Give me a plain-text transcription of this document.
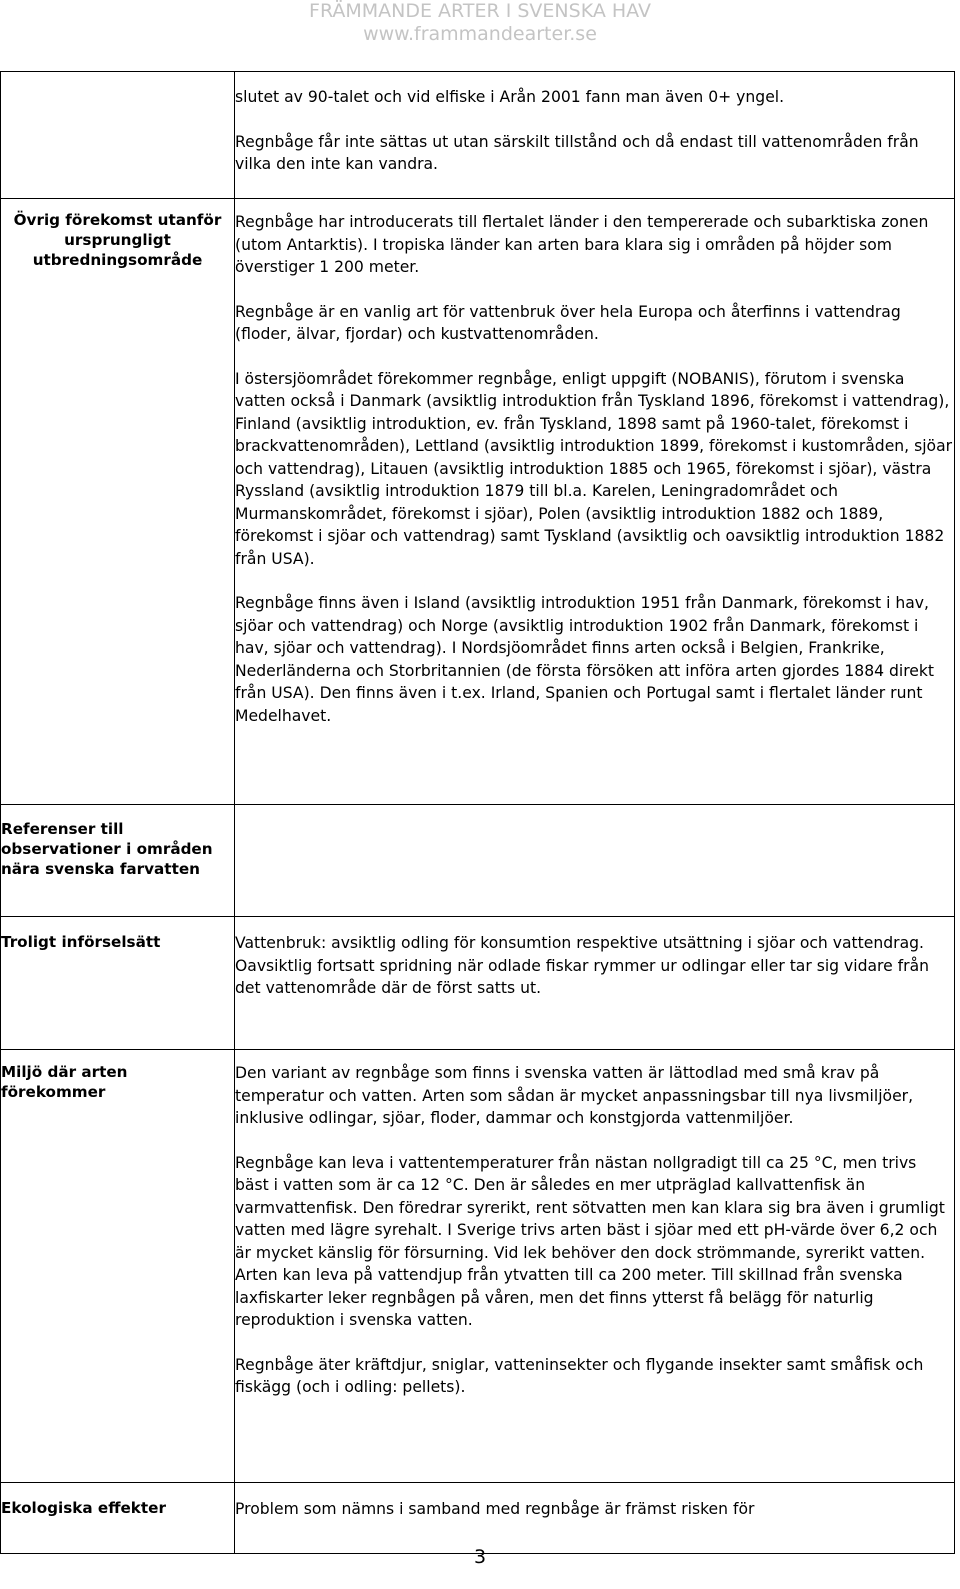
FRÄMMANDE ARTER I SVENSKA HAV
www.frammandearter.se

	slutet av 90-talet och vid elfiske i Arån 2001 fann man även 0+ yngel.

Regnbåge får inte sättas ut utan särskilt tillstånd och då endast till vattenområden från vilka den inte kan vandra.

Övrig förekomst utanför ursprungligt utbredningsområde	Regnbåge har introducerats till flertalet länder i den tempererade och subarktiska zonen (utom Antarktis). I tropiska länder kan arten bara klara sig i områden på höjder som överstiger 1 200 meter.

Regnbåge är en vanlig art för vattenbruk över hela Europa och återfinns i vattendrag (floder, älvar, fjordar) och kustvattenområden.

I östersjöområdet förekommer regnbåge, enligt uppgift (NOBANIS), förutom i svenska vatten också i Danmark (avsiktlig introduktion från Tyskland 1896, förekomst i vattendrag), Finland (avsiktlig introduktion, ev. från Tyskland, 1898 samt på 1960-talet, förekomst i brackvattenområden), Lettland (avsiktlig introduktion 1899, förekomst i kustområden, sjöar och vattendrag), Litauen (avsiktlig introduktion 1885 och 1965, förekomst i sjöar), västra Ryssland (avsiktlig introduktion 1879 till bl.a. Karelen, Leningradområdet och Murmanskområdet, förekomst i sjöar), Polen (avsiktlig introduktion 1882 och 1889, förekomst i sjöar och vattendrag) samt Tyskland (avsiktlig och oavsiktlig introduktion 1882 från USA).

Regnbåge finns även i Island (avsiktlig introduktion 1951 från Danmark, förekomst i hav, sjöar och vattendrag) och Norge (avsiktlig introduktion 1902 från Danmark, förekomst i hav, sjöar och vattendrag). I Nordsjöområdet finns arten också i Belgien, Frankrike, Nederländerna och Storbritannien (de första försöken att införa arten gjordes 1884 direkt från USA). Den finns även i t.ex. Irland, Spanien och Portugal samt i flertalet länder runt Medelhavet.

Referenser till observationer i områden nära svenska farvatten	
Troligt införselsätt	Vattenbruk: avsiktlig odling för konsumtion respektive utsättning i sjöar och vattendrag. Oavsiktlig fortsatt spridning när odlade fiskar rymmer ur odlingar eller tar sig vidare från det vattenområde där de först satts ut.

Miljö där arten förekommer	Den variant av regnbåge som finns i svenska vatten är lättodlad med små krav på temperatur och vatten. Arten som sådan är mycket anpassningsbar till nya livsmiljöer, inklusive odlingar, sjöar, floder, dammar och konstgjorda vattenmiljöer.

Regnbåge kan leva i vattentemperaturer från nästan nollgradigt till ca 25 °C, men trivs bäst i vatten som är ca 12 °C. Den är således en mer utpräglad kallvattenfisk än varmvattenfisk. Den föredrar syrerikt, rent sötvatten men kan klara sig bra även i grumligt vatten med lägre syrehalt. I Sverige trivs arten bäst i sjöar med ett pH-värde över 6,2 och är mycket känslig för försurning. Vid lek behöver den dock strömmande, syrerikt vatten. Arten kan leva på vattendjup från ytvatten till ca 200 meter. Till skillnad från svenska laxfiskarter leker regnbågen på våren, men det finns ytterst få belägg för naturlig reproduktion i svenska vatten.

Regnbåge äter kräftdjur, sniglar, vatteninsekter och flygande insekter samt småfisk och fiskägg (och i odling: pellets).

Ekologiska effekter	Problem som nämns i samband med regnbåge är främst risken för

3
